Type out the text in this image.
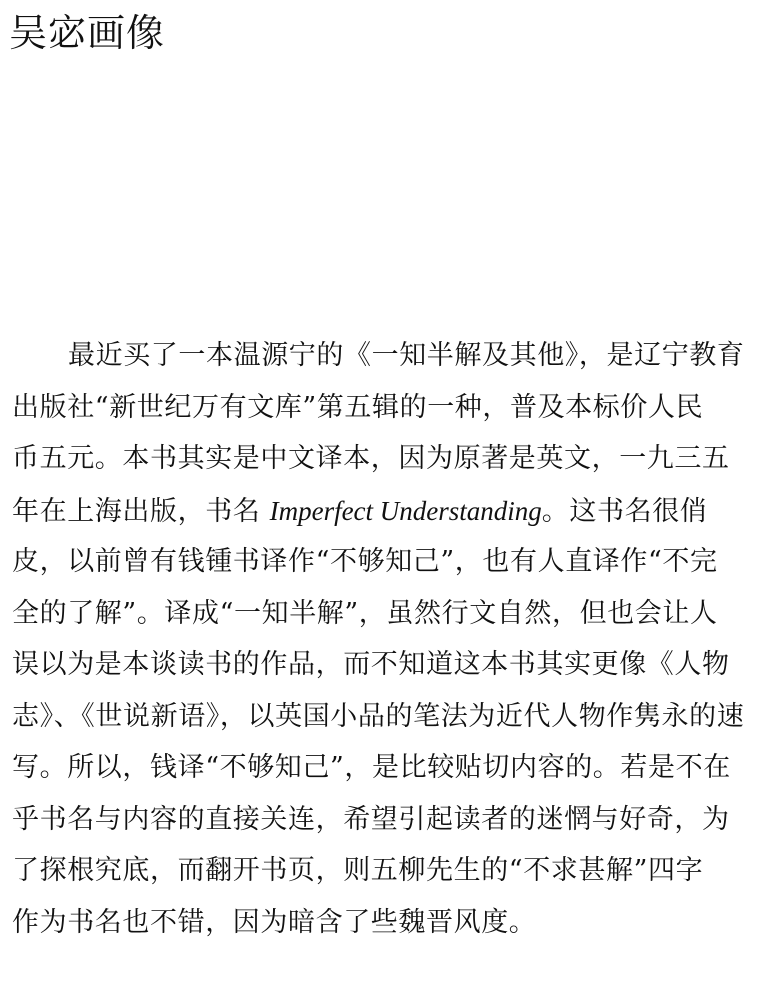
吴宓画像
最近买了一本温源宁的《一知半解及其他》，是辽宁教育
出版社“新世纪万有文库”第五辑的一种，普及本标价人民
币五元。本书其实是中文译本，因为原著是英文，一九三五
年在上海出版，书名 Imperfect Understanding。这书名很俏
皮，以前曾有钱锺书译作“不够知己”，也有人直译作“不完
全的了解”。译成“一知半解”，虽然行文自然，但也会让人
误以为是本谈读书的作品，而不知道这本书其实更像《人物
志》、《世说新语》，以英国小品的笔法为近代人物作隽永的速
写。所以，钱译“不够知己”，是比较贴切内容的。若是不在
乎书名与内容的直接关连，希望引起读者的迷惘与好奇，为
了探根究底，而翻开书页，则五柳先生的“不求甚解”四字
作为书名也不错，因为暗含了些魏晋风度。
